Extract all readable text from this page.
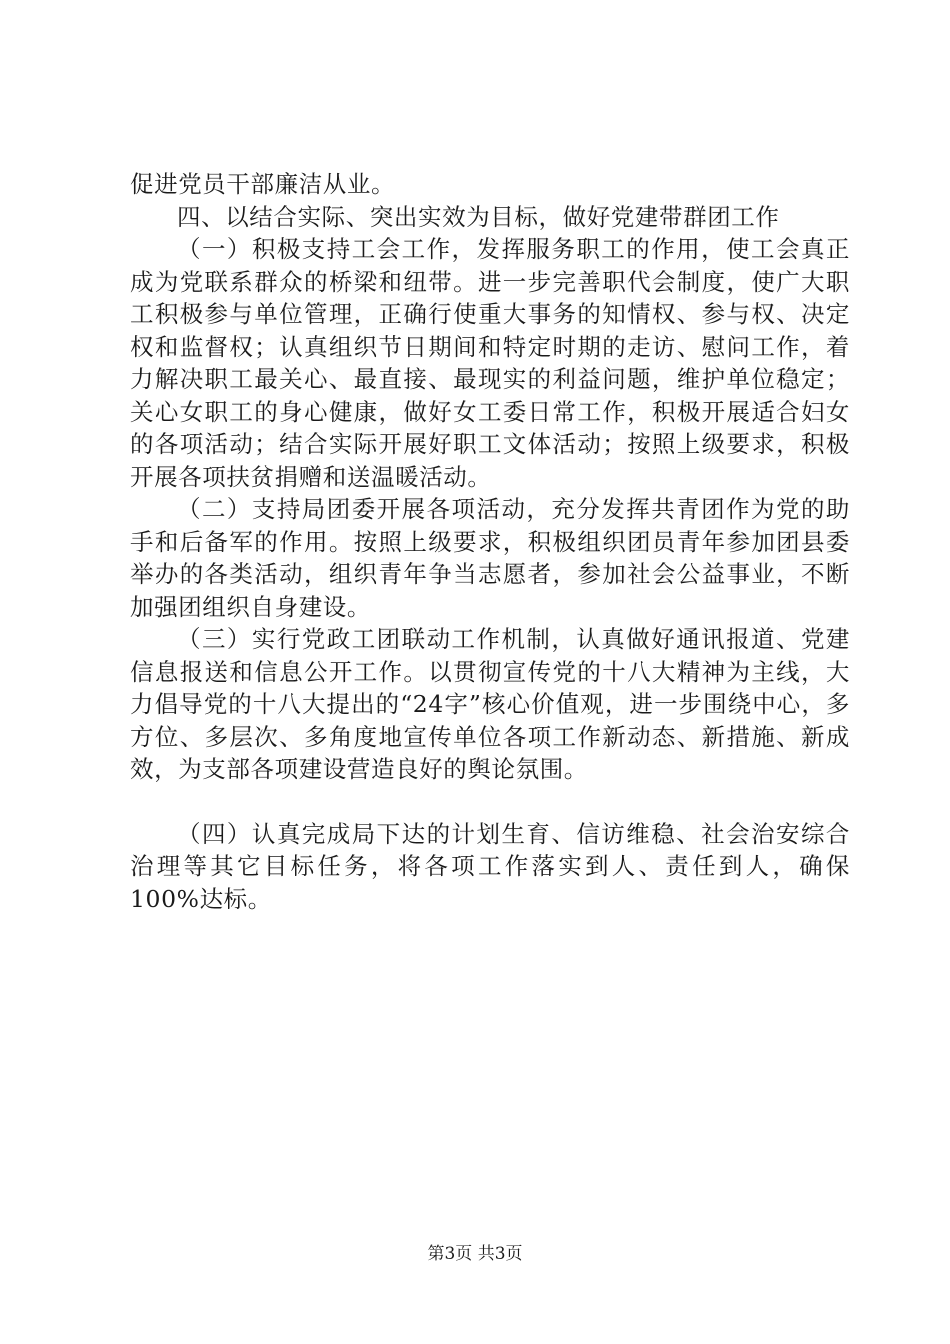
促进党员干部廉洁从业。

四、以结合实际、突出实效为目标，做好党建带群团工作

（一）积极支持工会工作，发挥服务职工的作用，使工会真正成为党联系群众的桥梁和纽带。进一步完善职代会制度，使广大职工积极参与单位管理，正确行使重大事务的知情权、参与权、决定权和监督权；认真组织节日期间和特定时期的走访、慰问工作，着力解决职工最关心、最直接、最现实的利益问题，维护单位稳定；关心女职工的身心健康，做好女工委日常工作，积极开展适合妇女的各项活动；结合实际开展好职工文体活动；按照上级要求，积极开展各项扶贫捐赠和送温暖活动。

（二）支持局团委开展各项活动，充分发挥共青团作为党的助手和后备军的作用。按照上级要求，积极组织团员青年参加团县委举办的各类活动，组织青年争当志愿者，参加社会公益事业，不断加强团组织自身建设。

（三）实行党政工团联动工作机制，认真做好通讯报道、党建信息报送和信息公开工作。以贯彻宣传党的十八大精神为主线，大力倡导党的十八大提出的“24字”核心价值观，进一步围绕中心，多方位、多层次、多角度地宣传单位各项工作新动态、新措施、新成效，为支部各项建设营造良好的舆论氛围。

（四）认真完成局下达的计划生育、信访维稳、社会治安综合治理等其它目标任务，将各项工作落实到人、责任到人，确保100%达标。

第3页 共3页
